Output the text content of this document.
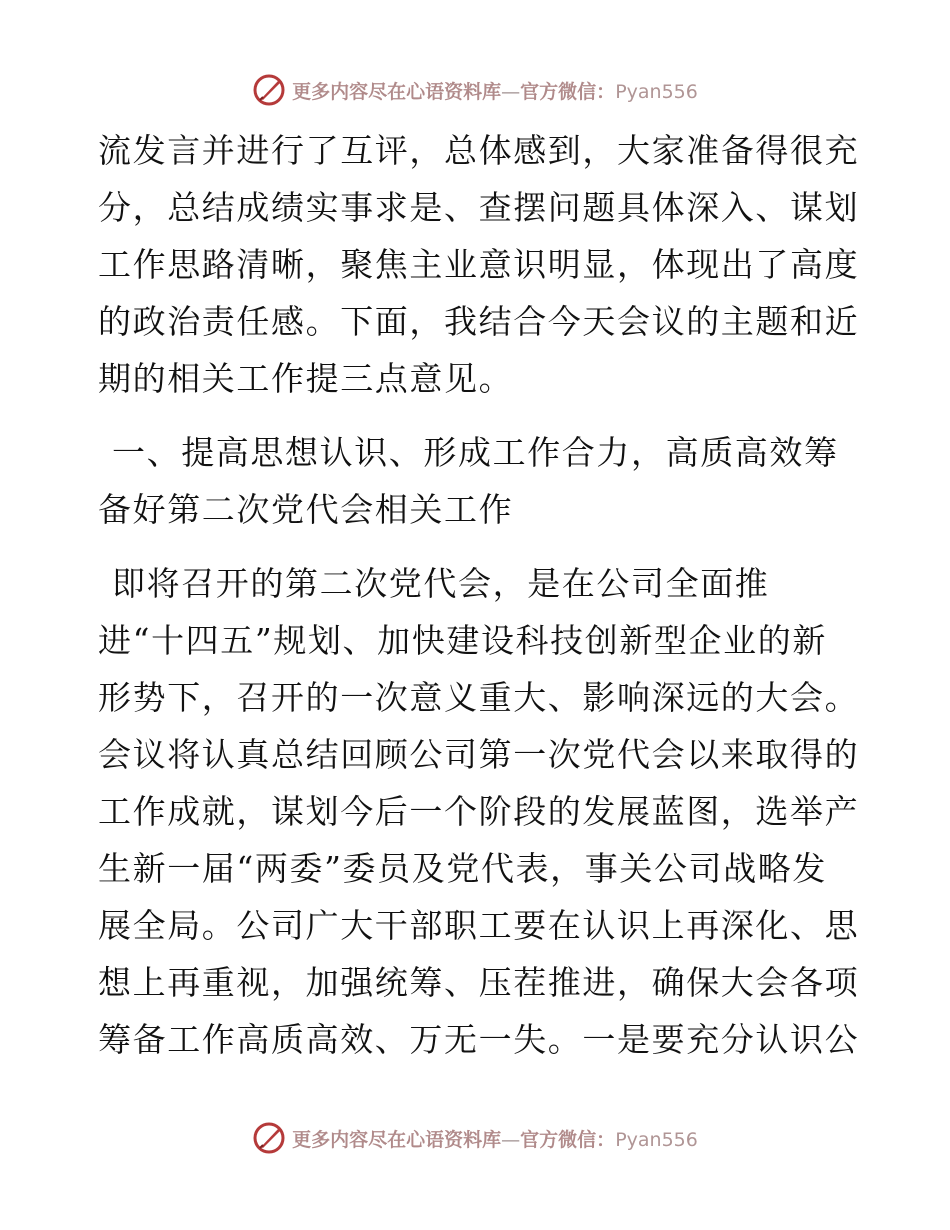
更多内容尽在心语资料库—官方微信：Pyan556
流发言并进行了互评，总体感到，大家准备得很充
分，总结成绩实事求是、查摆问题具体深入、谋划
工作思路清晰，聚焦主业意识明显，体现出了高度
的政治责任感。下面，我结合今天会议的主题和近
期的相关工作提三点意见。
一、提高思想认识、形成工作合力，高质高效筹
备好第二次党代会相关工作
即将召开的第二次党代会，是在公司全面推
进“十四五”规划、加快建设科技创新型企业的新
形势下，召开的一次意义重大、影响深远的大会。
会议将认真总结回顾公司第一次党代会以来取得的
工作成就，谋划今后一个阶段的发展蓝图，选举产
生新一届“两委”委员及党代表，事关公司战略发
展全局。公司广大干部职工要在认识上再深化、思
想上再重视，加强统筹、压茬推进，确保大会各项
筹备工作高质高效、万无一失。一是要充分认识公
更多内容尽在心语资料库—官方微信：Pyan556
